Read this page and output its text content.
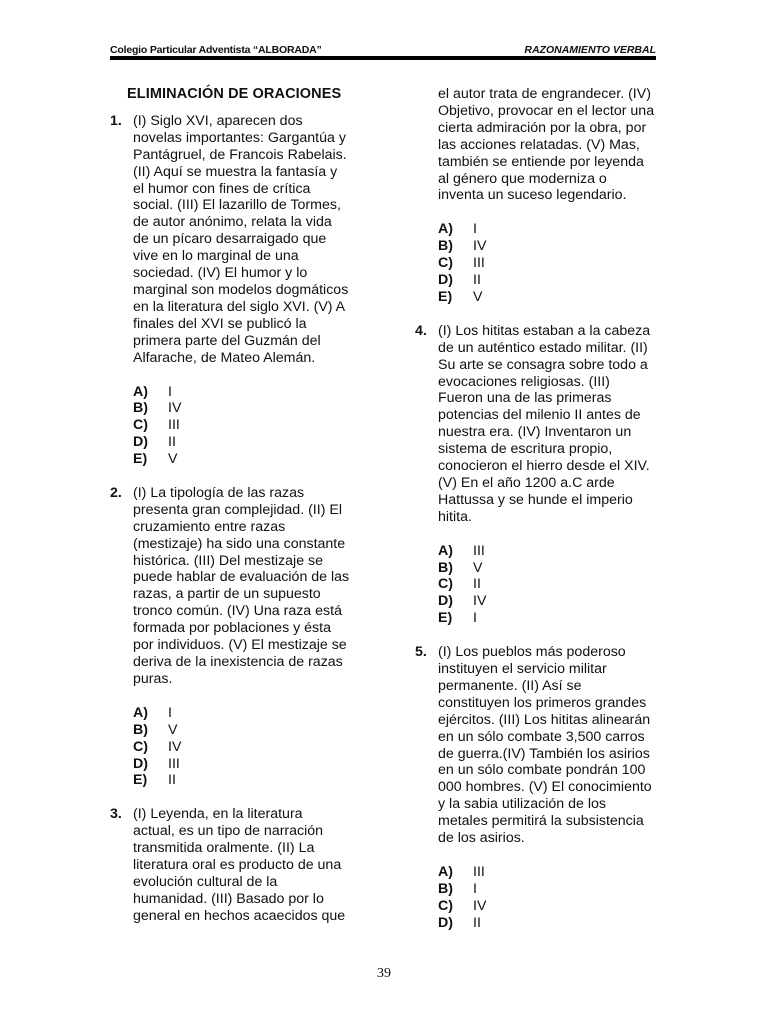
Colegio Particular Adventista “ALBORADA”	RAZONAMIENTO VERBAL
ELIMINACIÓN DE ORACIONES
1. (I) Siglo XVI, aparecen dos
novelas importantes: Gargantúa y
Pantágruel, de Francois Rabelais.
(II) Aquí se muestra la fantasía y
el humor con fines de crítica
social. (III) El lazarillo de Tormes,
de autor anónimo, relata la vida
de un pícaro desarraigado que
vive en lo marginal de una
sociedad. (IV) El humor y lo
marginal son modelos dogmáticos
en la literatura del siglo XVI. (V) A
finales del XVI se publicó la
primera parte del Guzmán del
Alfarache, de Mateo Alemán.
A) I
B) IV
C) III
D) II
E) V
2. (I) La tipología de las razas
presenta gran complejidad. (II) El
cruzamiento entre razas
(mestizaje) ha sido una constante
histórica. (III) Del mestizaje se
puede hablar de evaluación de las
razas, a partir de un supuesto
tronco común. (IV) Una raza está
formada por poblaciones y ésta
por individuos. (V) El mestizaje se
deriva de la inexistencia de razas
puras.
A) I
B) V
C) IV
D) III
E) II
3. (I) Leyenda, en la literatura
actual, es un tipo de narración
transmitida oralmente. (II) La
literatura oral es producto de una
evolución cultural de la
humanidad. (III) Basado por lo
general en hechos acaecidos que
el autor trata de engrandecer. (IV)
Objetivo, provocar en el lector una
cierta admiración por la obra, por
las acciones relatadas. (V) Mas,
también se entiende por leyenda
al género que moderniza o
inventa un suceso legendario.
A) I
B) IV
C) III
D) II
E) V
4. (I) Los hititas estaban a la cabeza
de un auténtico estado militar. (II)
Su arte se consagra sobre todo a
evocaciones religiosas. (III)
Fueron una de las primeras
potencias del milenio II antes de
nuestra era. (IV) Inventaron un
sistema de escritura propio,
conocieron el hierro desde el XIV.
(V) En el año 1200 a.C arde
Hattussa y se hunde el imperio
hitita.
A) III
B) V
C) II
D) IV
E) I
5. (I) Los pueblos más poderoso
instituyen el servicio militar
permanente. (II) Así se
constituyen los primeros grandes
ejércitos. (III) Los hititas alinearán
en un sólo combate 3,500 carros
de guerra.(IV) También los asirios
en un sólo combate pondrán 100
000 hombres. (V) El conocimiento
y la sabia utilización de los
metales permitirá la subsistencia
de los asirios.
A) III
B) I
C) IV
D) II
39
